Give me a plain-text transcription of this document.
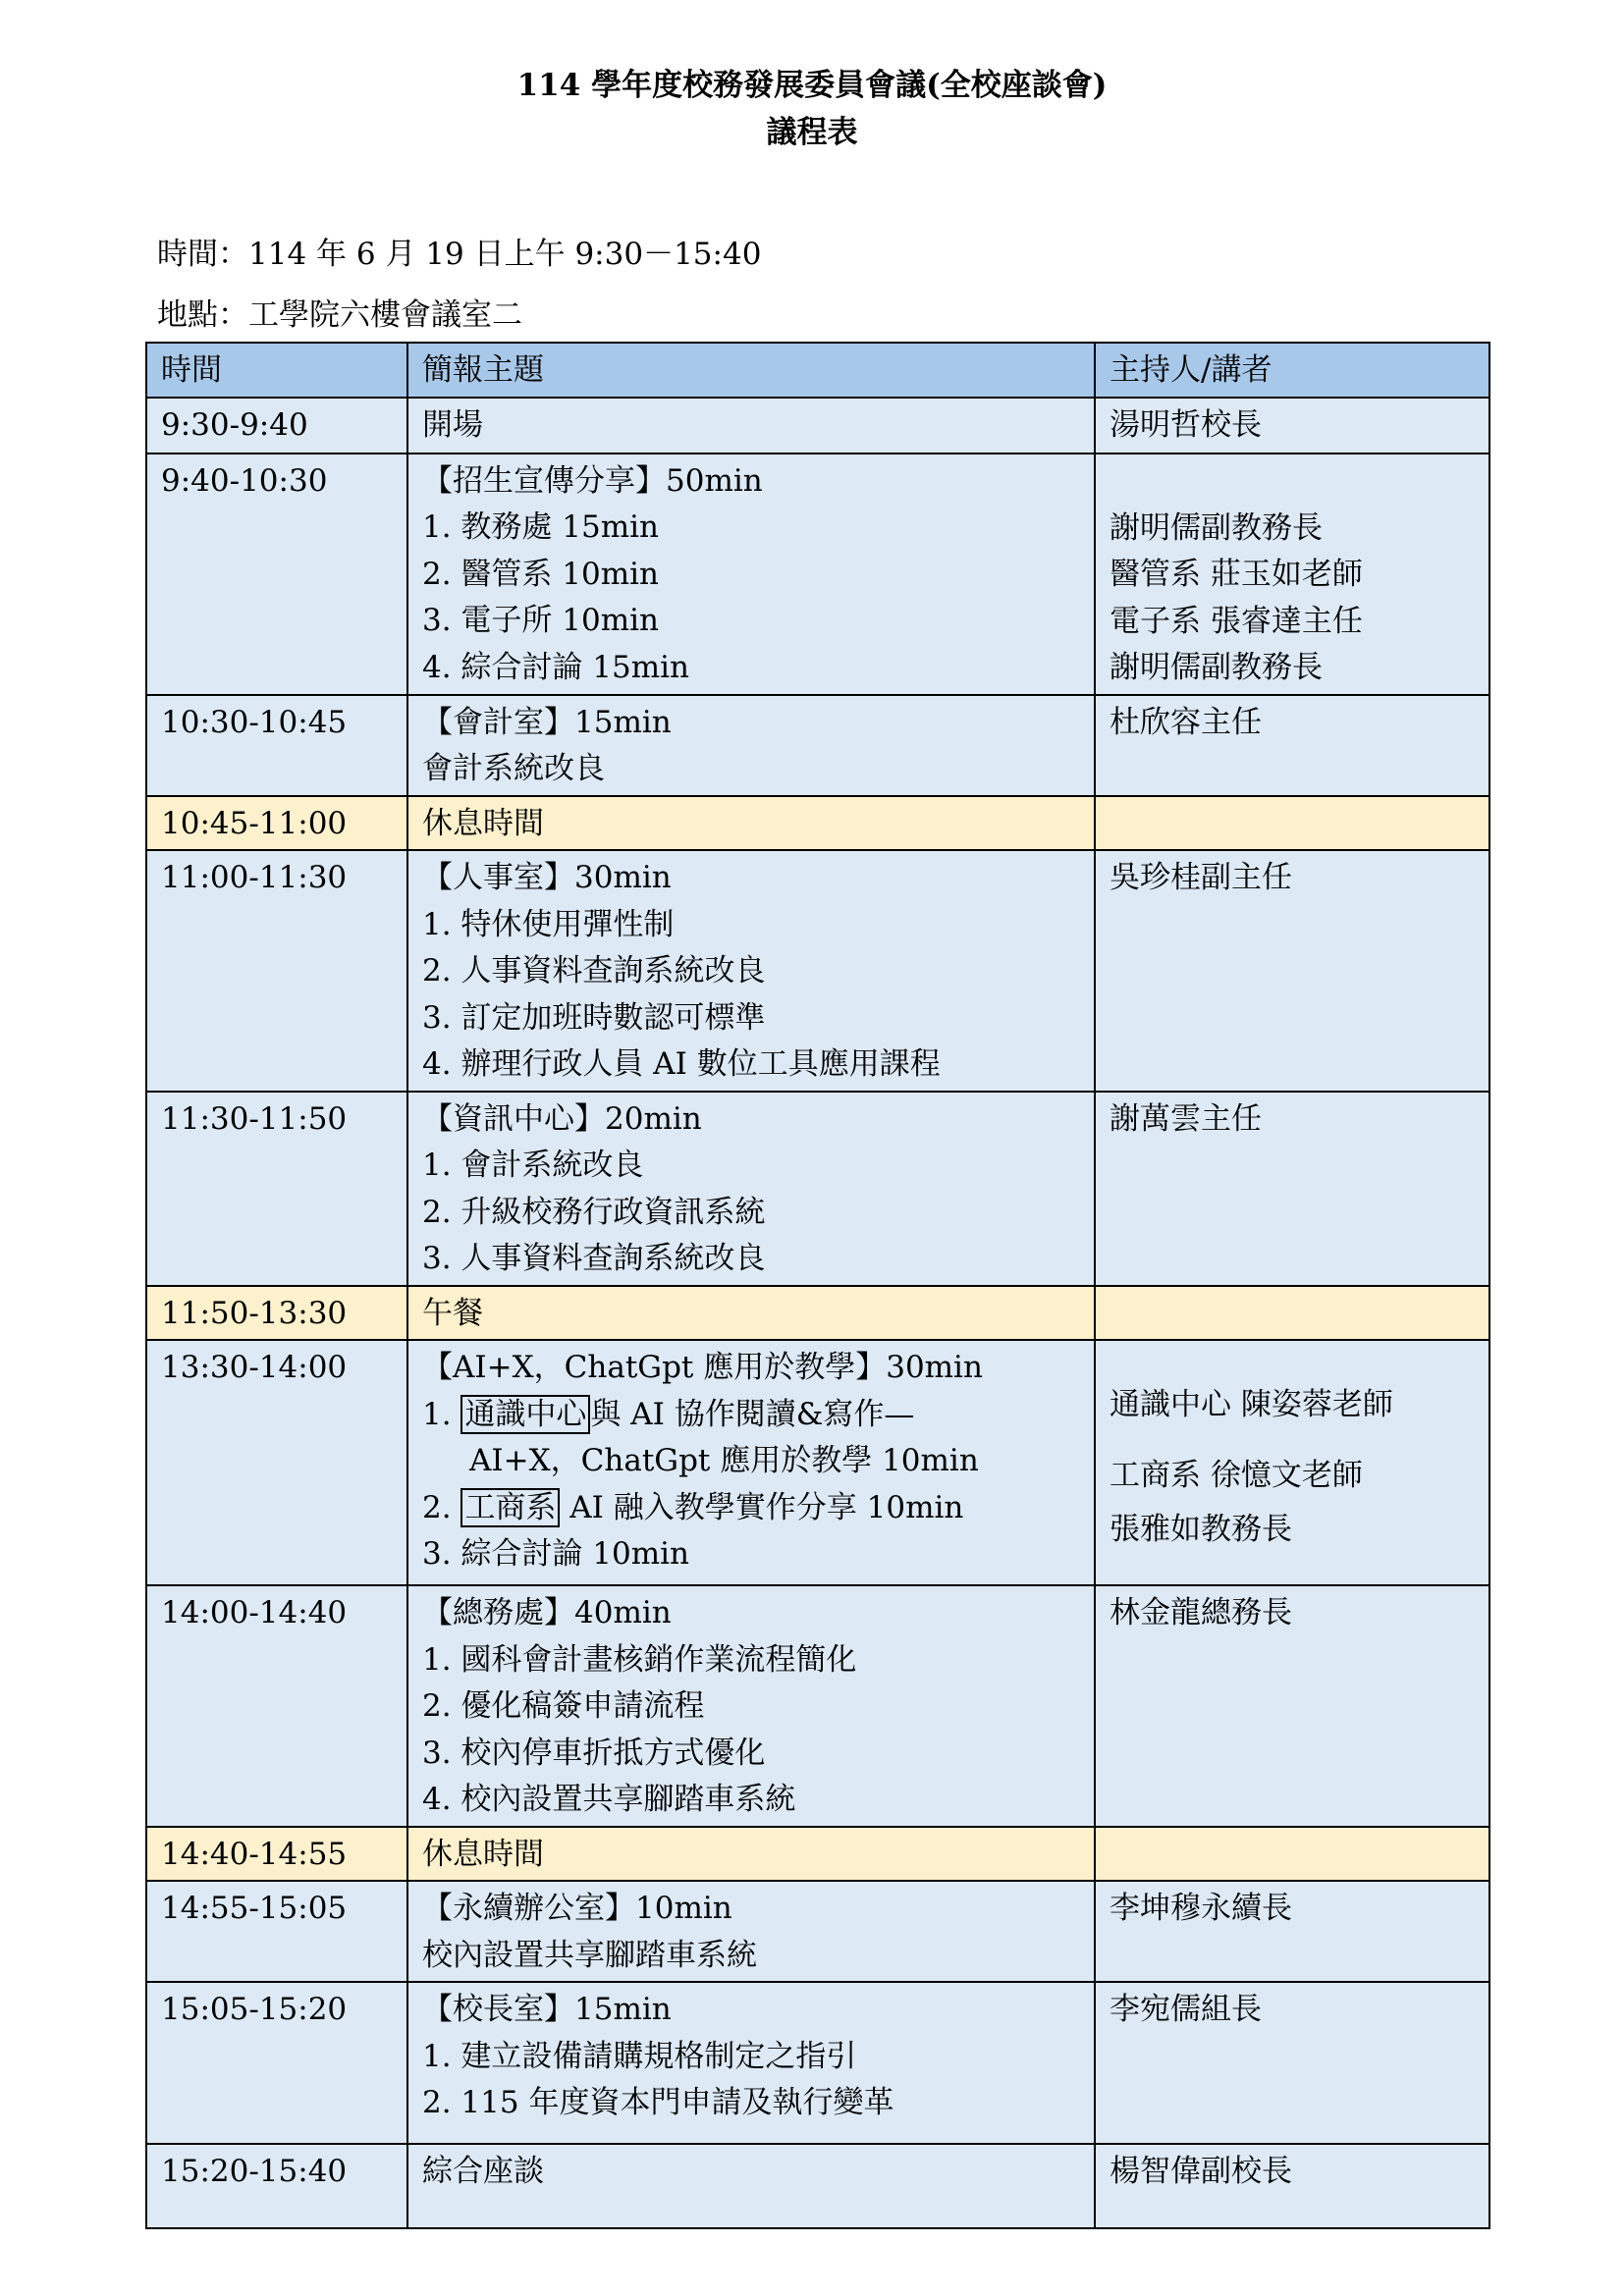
114 學年度校務發展委員會議(全校座談會)
議程表
時間：114 年 6 月 19 日上午 9:30－15:40
地點：工學院六樓會議室二
時間	簡報主題	主持人/講者
9:30-9:40	開場	湯明哲校長

9:40-10:30	【招生宣傳分享】50min
1. 教務處 15min
2. 醫管系 10min
3. 電子所 10min
4. 綜合討論 15min	謝明儒副教務長
醫管系 莊玉如老師
電子系 張睿達主任
謝明儒副教務長

10:30-10:45	【會計室】15min
會計系統改良	杜欣容主任

10:45-11:00	休息時間	

11:00-11:30	【人事室】30min
1. 特休使用彈性制
2. 人事資料查詢系統改良
3. 訂定加班時數認可標準
4. 辦理行政人員 AI 數位工具應用課程	吳珍桂副主任

11:30-11:50	【資訊中心】20min
1. 會計系統改良
2. 升級校務行政資訊系統
3. 人事資料查詢系統改良	謝萬雲主任

11:50-13:30	午餐	

13:30-14:00	【AI+X，ChatGpt 應用於教學】30min
1. 通識中心 與 AI 協作閱讀&寫作—
AI+X，ChatGpt 應用於教學 10min
2. 工商系 AI 融入教學實作分享 10min
3. 綜合討論 10min	通識中心 陳姿蓉老師
工商系 徐憶文老師
張雅如教務長

14:00-14:40	【總務處】40min
1. 國科會計畫核銷作業流程簡化
2. 優化稿簽申請流程
3. 校內停車折抵方式優化
4. 校內設置共享腳踏車系統	林金龍總務長

14:40-14:55	休息時間	

14:55-15:05	【永續辦公室】10min
校內設置共享腳踏車系統	李坤穆永續長

15:05-15:20	【校長室】15min
1. 建立設備請購規格制定之指引
2. 115 年度資本門申請及執行變革	李宛儒組長

15:20-15:40	綜合座談	楊智偉副校長
